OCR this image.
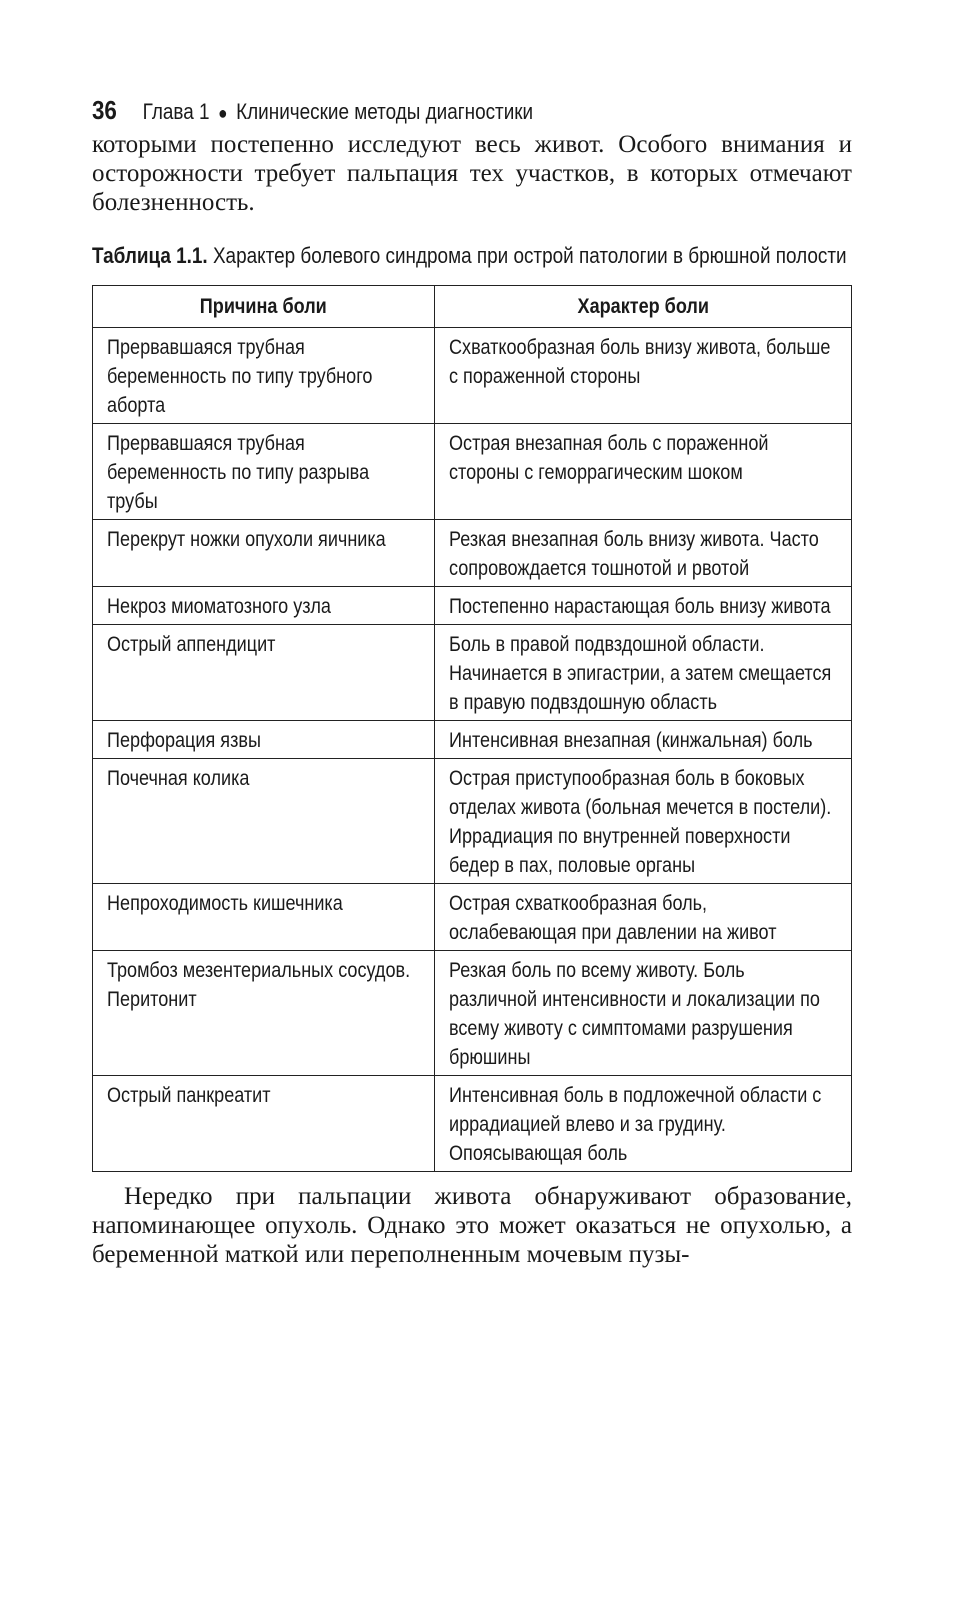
36 Глава 1 ● Клинические методы диагностики

которыми постепенно исследуют весь живот. Особого внимания и осторожности требует пальпация тех участков, в которых отмечают болезненность.

Таблица 1.1. Характер болевого синдрома при острой патологии в брюшной полости
Причина боли	Характер боли

Прервавшаяся трубная беременность по типу трубного аборта	Схваткообразная боль внизу живота, больше с пораженной стороны

Прервавшаяся трубная беременность по типу разрыва трубы	Острая внезапная боль с пораженной стороны с геморрагическим шоком

Перекрут ножки опухоли яичника	Резкая внезапная боль внизу живота. Часто сопровождается тошнотой и рвотой

Некроз миоматозного узла	Постепенно нарастающая боль внизу живота

Острый аппендицит	Боль в правой подвздошной области. Начинается в эпигастрии, а затем смещается в правую подвздошную область

Перфорация язвы	Интенсивная внезапная (кинжальная) боль

Почечная колика	Острая приступообразная боль в боковых отделах живота (больная мечется в постели). Иррадиация по внутренней поверхности бедер в пах, половые органы

Непроходимость кишечника	Острая схваткообразная боль, ослабевающая при давлении на живот

Тромбоз мезентериальных сосудов. Перитонит	Резкая боль по всему животу. Боль различной интенсивности и локализации по всему животу с симптомами разрушения брюшины

Острый панкреатит	Интенсивная боль в подложечной области с иррадиацией влево и за грудину. Опоясывающая боль

Нередко при пальпации живота обнаруживают образование, напоминающее опухоль. Однако это может оказаться не опухолью, а беременной маткой или переполненным мочевым пузы-
